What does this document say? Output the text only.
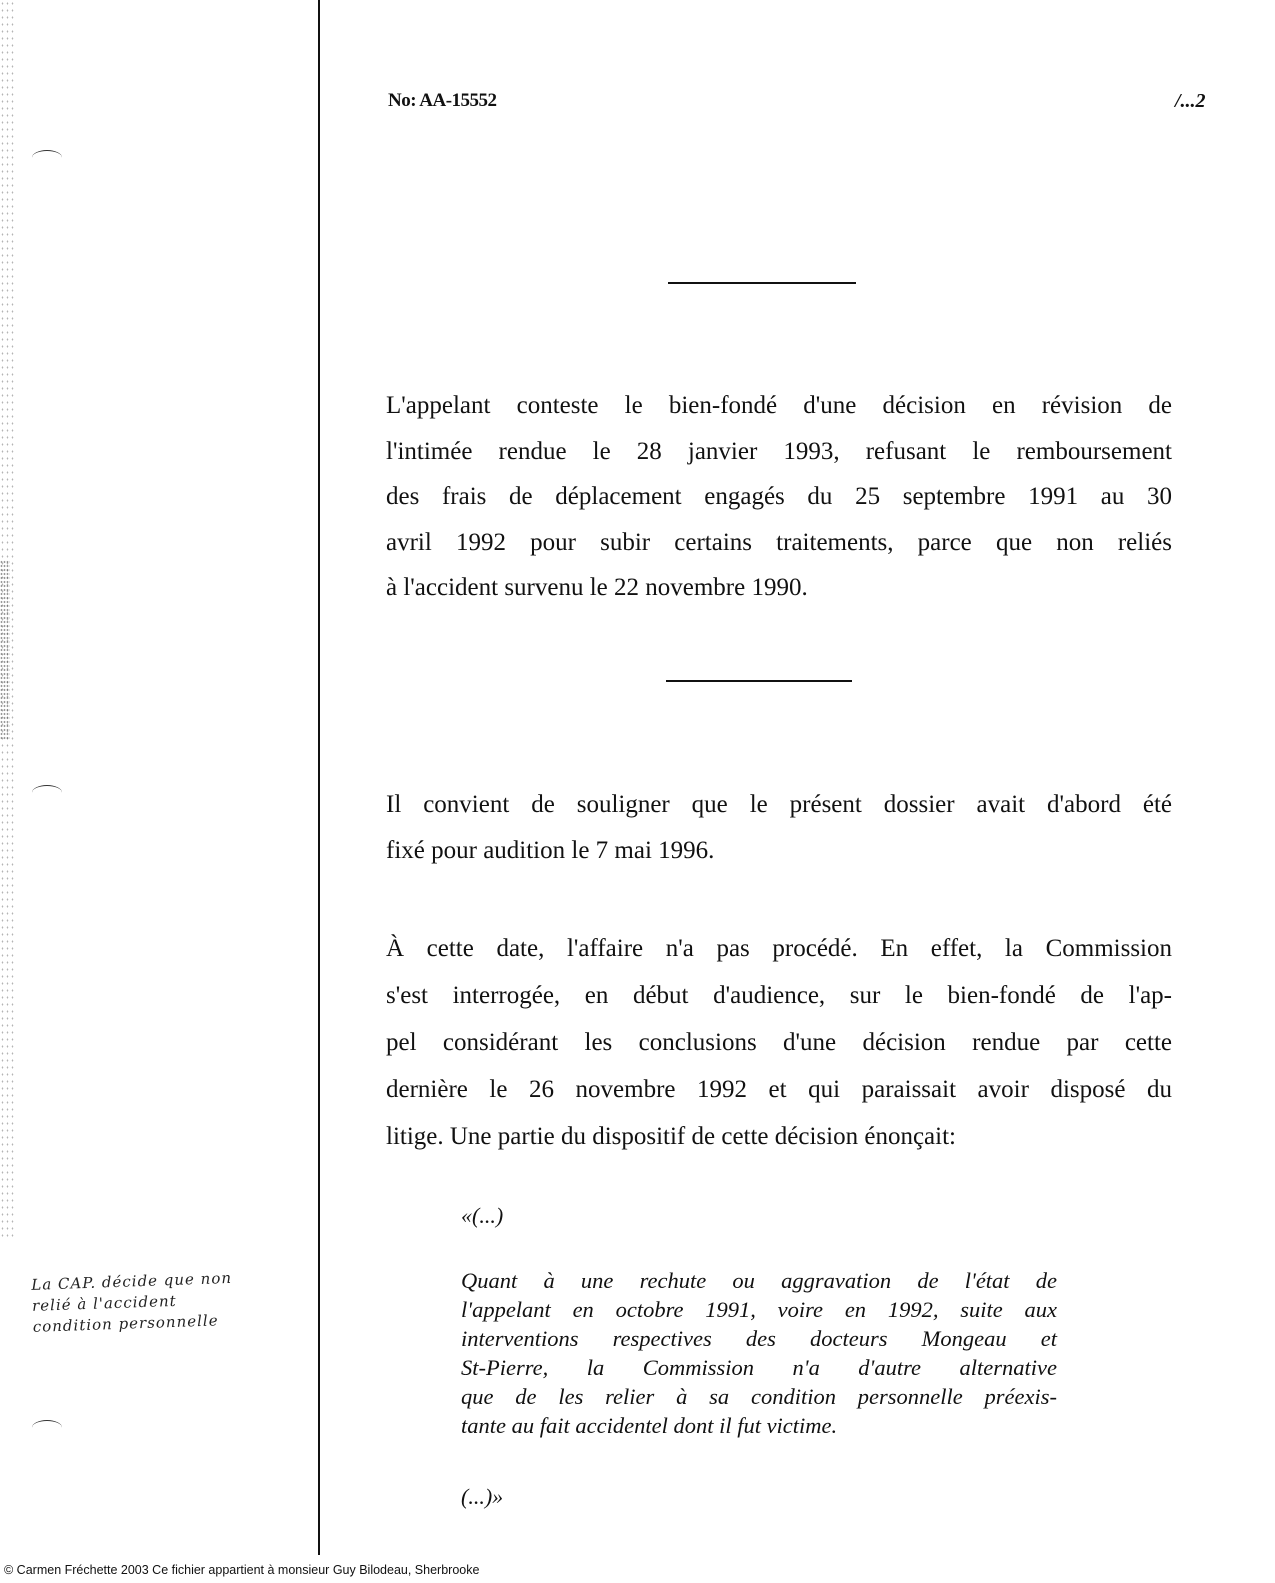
No: AA-15552	/...2
L'appelant conteste le bien-fondé d'une décision en révision de
l'intimée rendue le 28 janvier 1993, refusant le remboursement
des frais de déplacement engagés du 25 septembre 1991 au 30
avril 1992 pour subir certains traitements, parce que non reliés
à l'accident survenu le 22 novembre 1990.
Il convient de souligner que le présent dossier avait d'abord été
fixé pour audition le 7 mai 1996.
À cette date, l'affaire n'a pas procédé. En effet, la Commission
s'est interrogée, en début d'audience, sur le bien-fondé de l'ap-
pel considérant les conclusions d'une décision rendue par cette
dernière le 26 novembre 1992 et qui paraissait avoir disposé du
litige. Une partie du dispositif de cette décision énonçait:
«(...)
Quant à une rechute ou aggravation de l'état de
l'appelant en octobre 1991, voire en 1992, suite aux
interventions respectives des docteurs Mongeau et
St-Pierre, la Commission n'a d'autre alternative
que de les relier à sa condition personnelle préexis-
tante au fait accidentel dont il fut victime.
(...)»
La CAP. décide que non
relié à l'accident
condition personnelle
© Carmen Fréchette 2003 Ce fichier appartient à monsieur Guy Bilodeau, Sherbrooke
